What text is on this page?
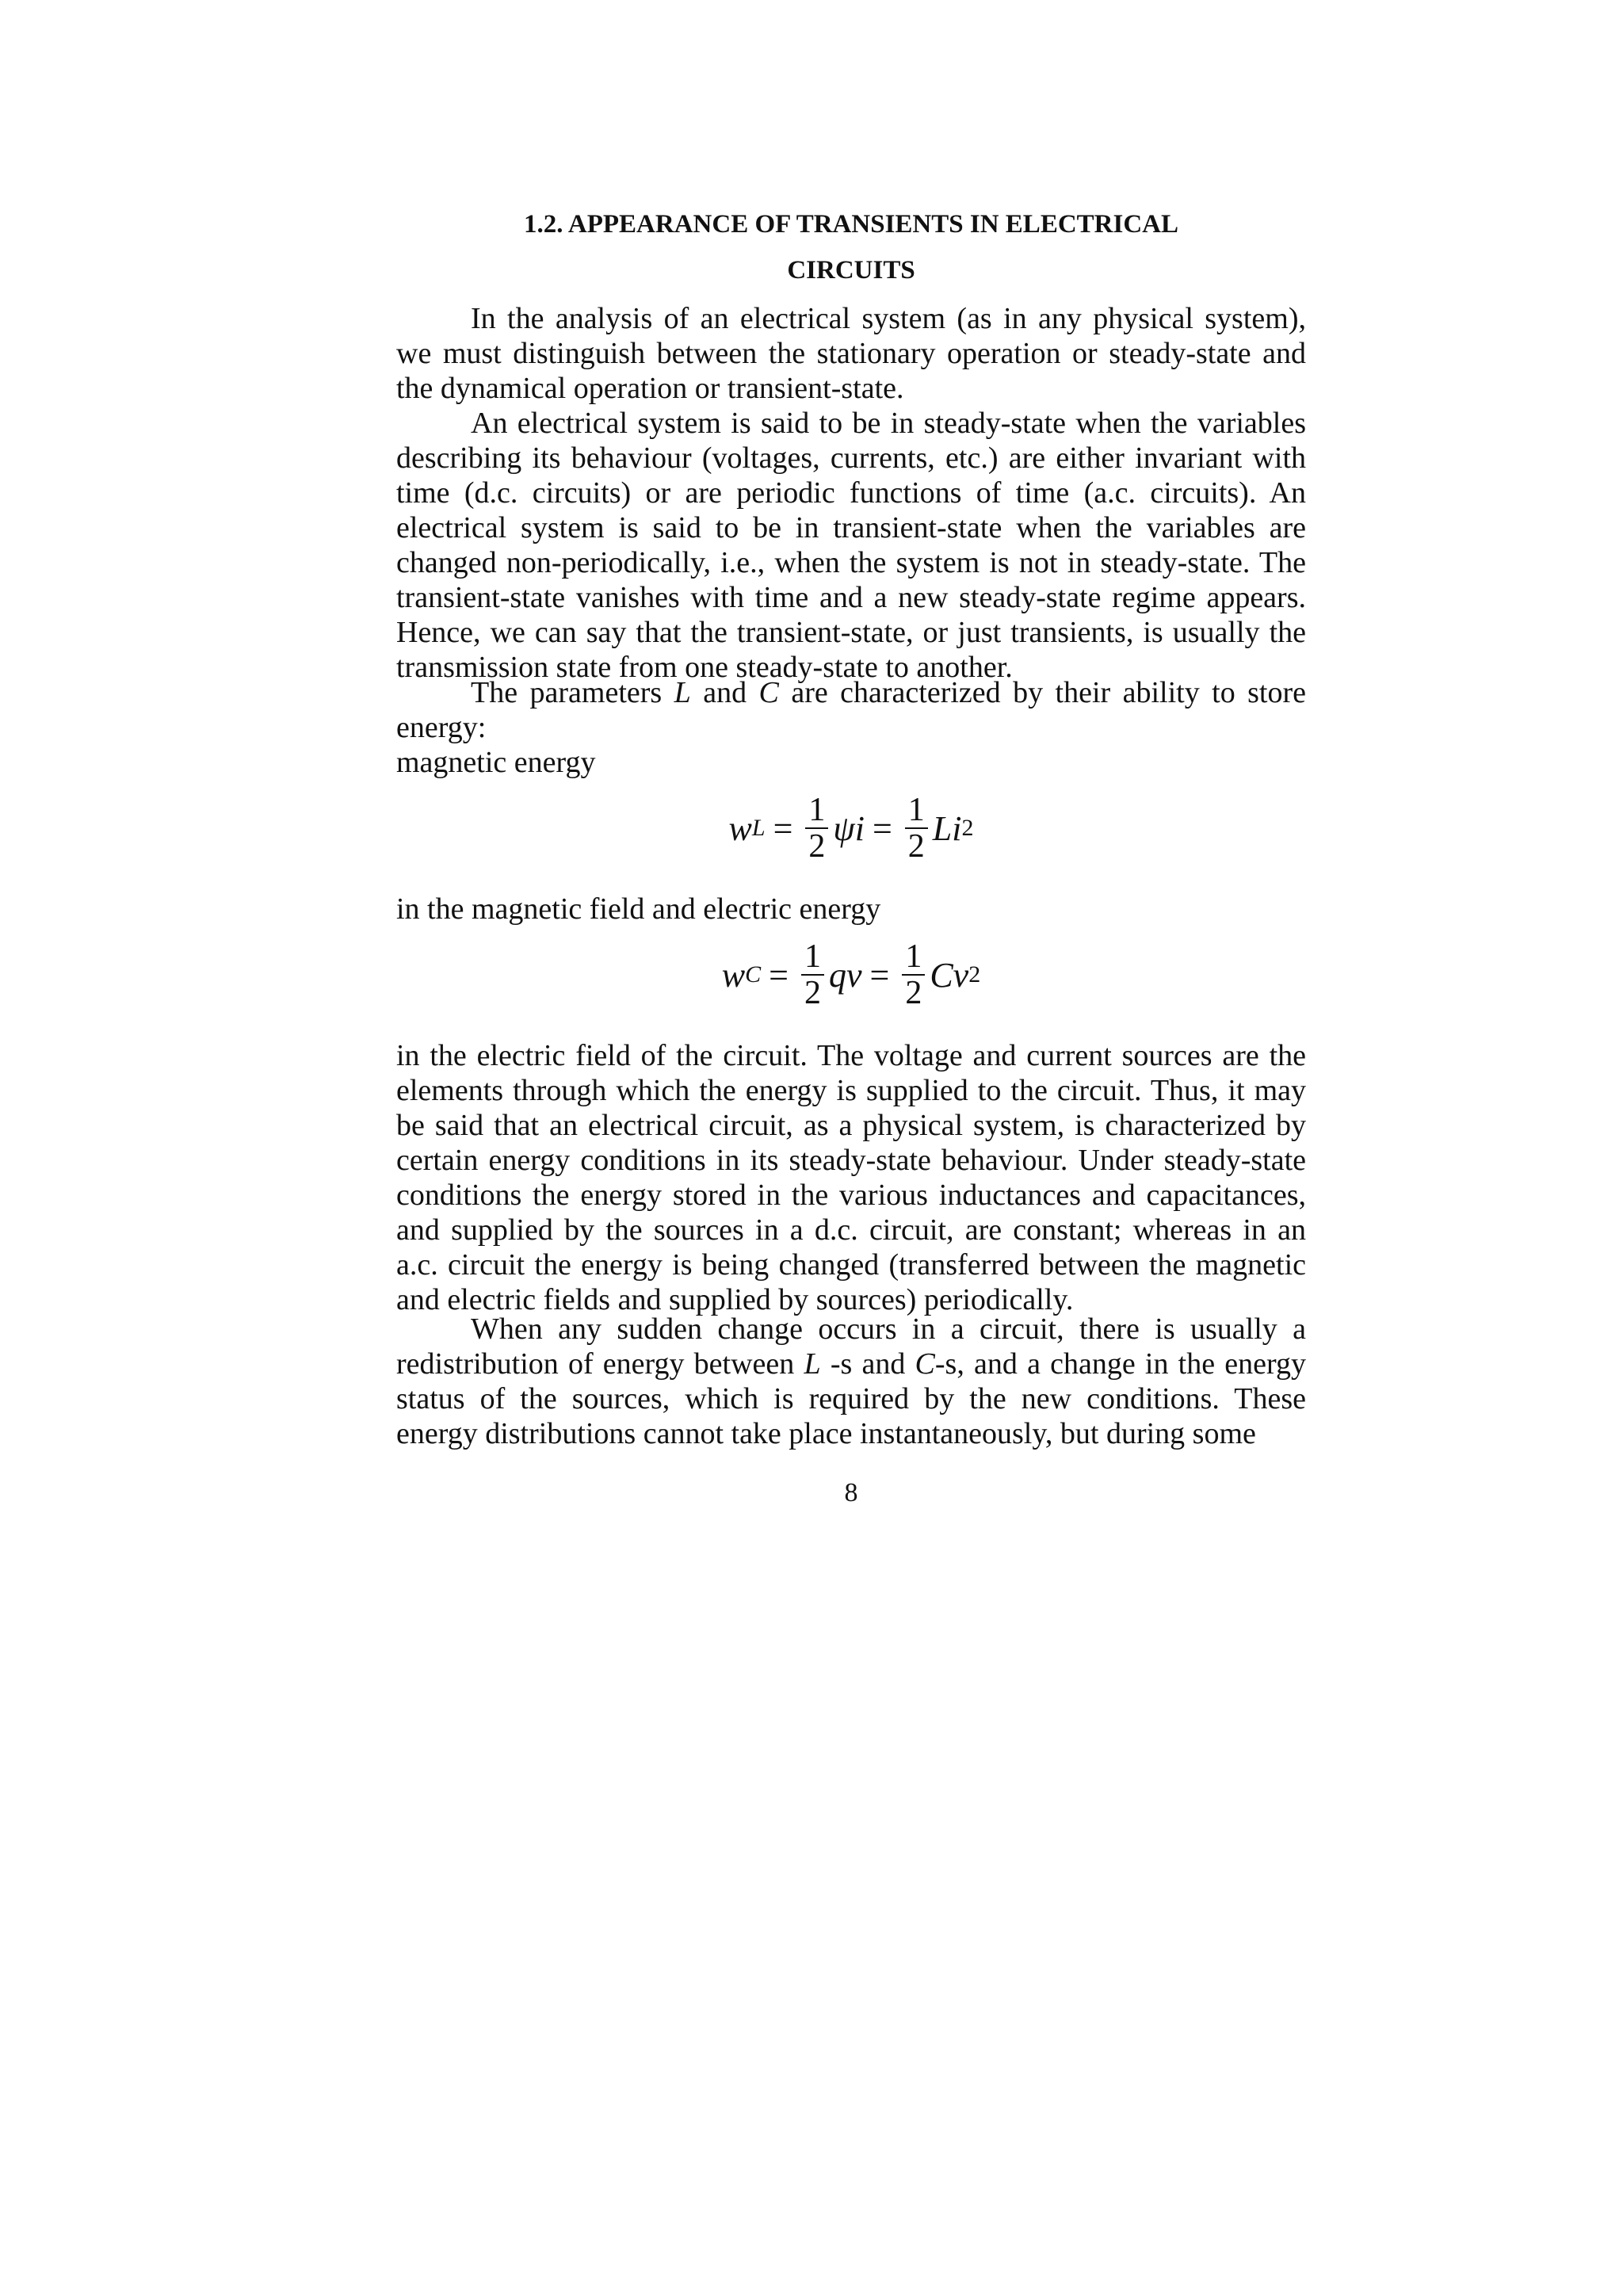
1.2. APPEARANCE OF TRANSIENTS IN ELECTRICAL
CIRCUITS

In the analysis of an electrical system (as in any physical system), we must distinguish between the stationary operation or steady-state and the dynamical operation or transient-state.

An electrical system is said to be in steady-state when the variables describing its behaviour (voltages, currents, etc.) are either invariant with time (d.c. circuits) or are periodic functions of time (a.c. circuits). An electrical system is said to be in transient-state when the variables are changed non-periodically, i.e., when the system is not in steady-state. The transient-state vanishes with time and a new steady-state regime appears. Hence, we can say that the transient-state, or just transients, is usually the transmission state from one steady-state to another.

The parameters L and C are characterized by their ability to store energy:

magnetic energy

w $L = \frac{1}{2}$ $\psi i = \frac{1}{2}$ Li 2

in the magnetic field and electric energy

w $C = \frac{1}{2}$ qv = $\frac{1}{2}$ Cv 2

in the electric field of the circuit. The voltage and current sources are the elements through which the energy is supplied to the circuit. Thus, it may be said that an electrical circuit, as a physical system, is characterized by certain energy conditions in its steady-state behaviour. Under steady-state conditions the energy stored in the various inductances and capacitances, and supplied by the sources in a d.c. circuit, are constant; whereas in an a.c. circuit the energy is being changed (transferred between the magnetic and electric fields and supplied by sources) periodically.

When any sudden change occurs in a circuit, there is usually a redistribution of energy between L -s and C-s, and a change in the energy status of the sources, which is required by the new conditions. These energy distributions cannot take place instantaneously, but during some

8
